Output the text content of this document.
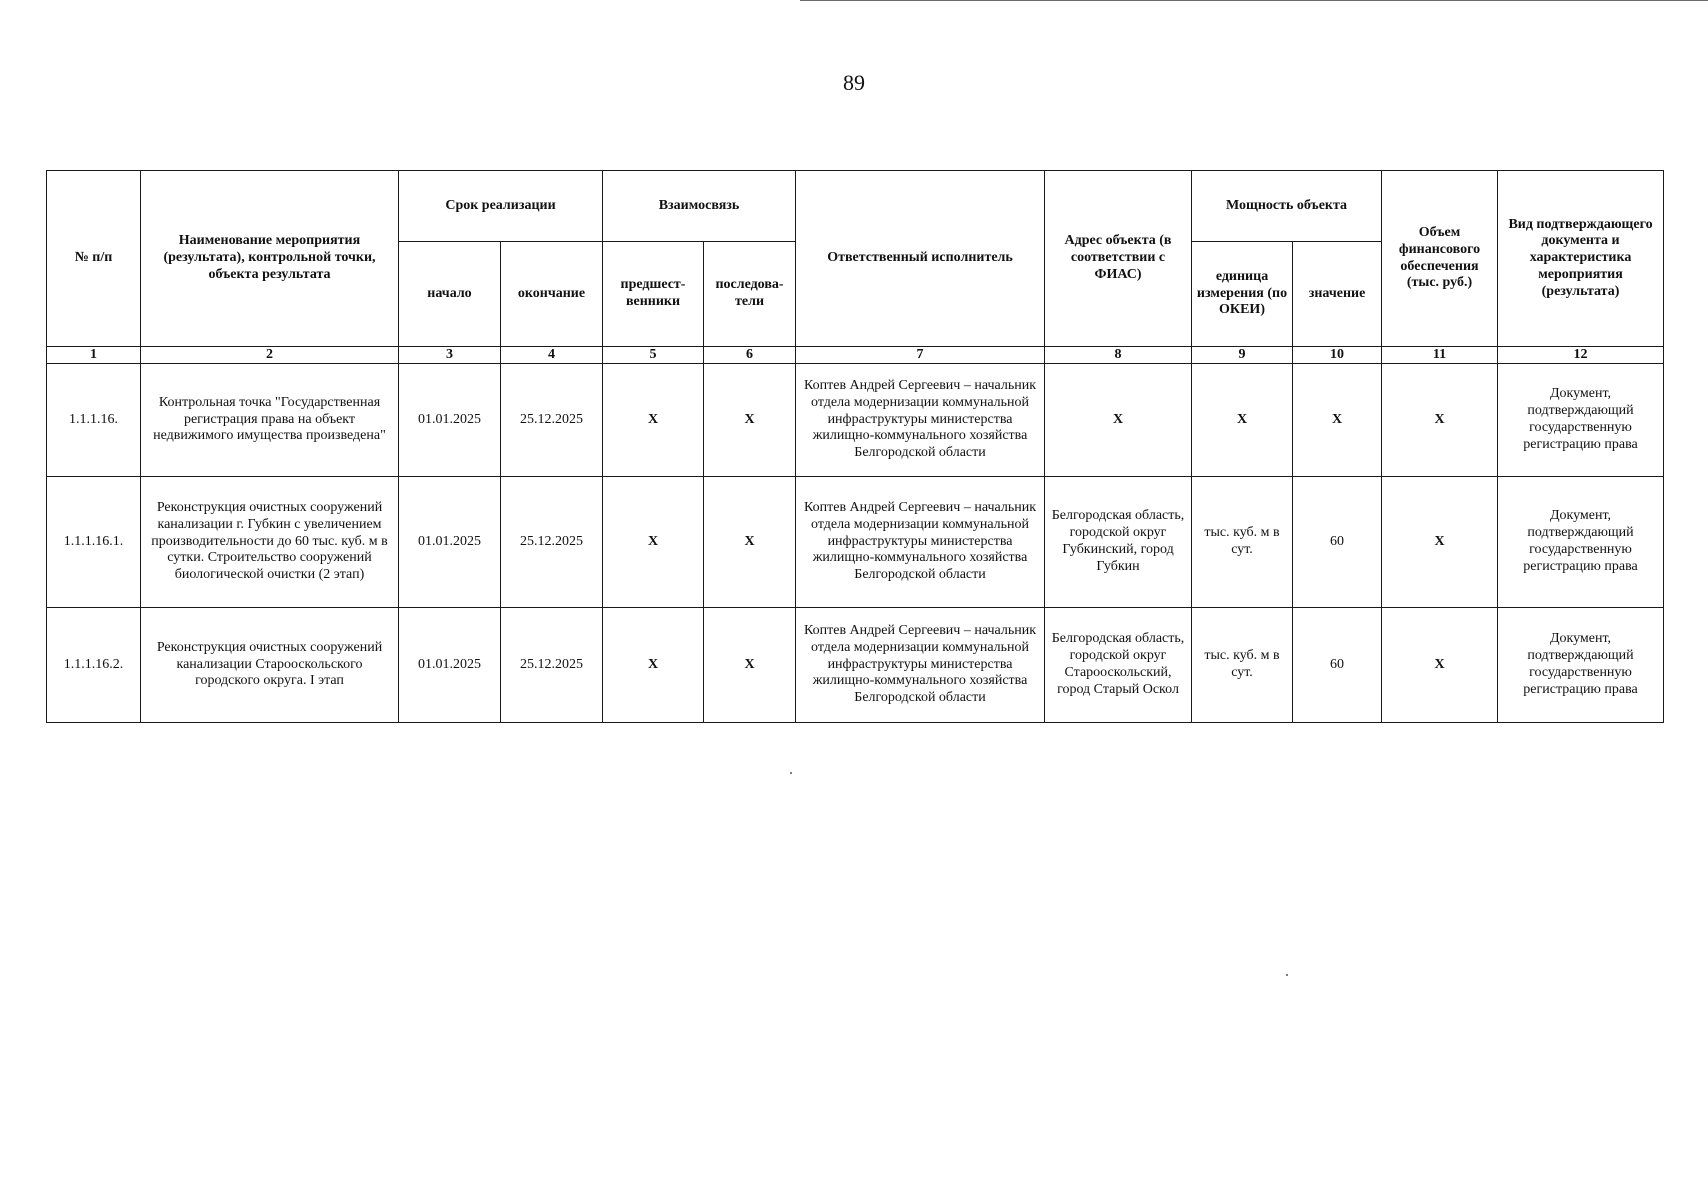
89
№ п/п	Наименование мероприятия (результата), контрольной точки, объекта результата	Срок реализации		Взаимосвязь		Ответственный исполнитель	Адрес объекта (в соответствии с ФИАС)	Мощность объекта		Объем финансового обеспечения (тыс. руб.)	Вид подтверждающего документа и характеристика мероприятия (результата)
		начало	окончание	предшест-венники	последова-тели			единица измерения (по ОКЕИ)	значение		
1	2	3	4	5	6	7	8	9	10	11	12
1.1.1.16.	Контрольная точка "Государственная регистрация права на объект недвижимого имущества произведена"	01.01.2025	25.12.2025	X	X	Коптев Андрей Сергеевич – начальник отдела модернизации коммунальной инфраструктуры министерства жилищно-коммунального хозяйства Белгородской области	X	X	X	X	Документ, подтверждающий государственную регистрацию права
1.1.1.16.1.	Реконструкция очистных сооружений канализации г. Губкин с увеличением производительности до 60 тыс. куб. м в сутки. Строительство сооружений биологической очистки (2 этап)	01.01.2025	25.12.2025	X	X	Коптев Андрей Сергеевич – начальник отдела модернизации коммунальной инфраструктуры министерства жилищно-коммунального хозяйства Белгородской области	Белгородская область, городской округ Губкинский, город Губкин	тыс. куб. м в сут.	60	X	Документ, подтверждающий государственную регистрацию права
1.1.1.16.2.	Реконструкция очистных сооружений канализации Старооскольского городского округа. I этап	01.01.2025	25.12.2025	X	X	Коптев Андрей Сергеевич – начальник отдела модернизации коммунальной инфраструктуры министерства жилищно-коммунального хозяйства Белгородской области	Белгородская область, городской округ Старооскольский, город Старый Оскол	тыс. куб. м в сут.	60	X	Документ, подтверждающий государственную регистрацию права
